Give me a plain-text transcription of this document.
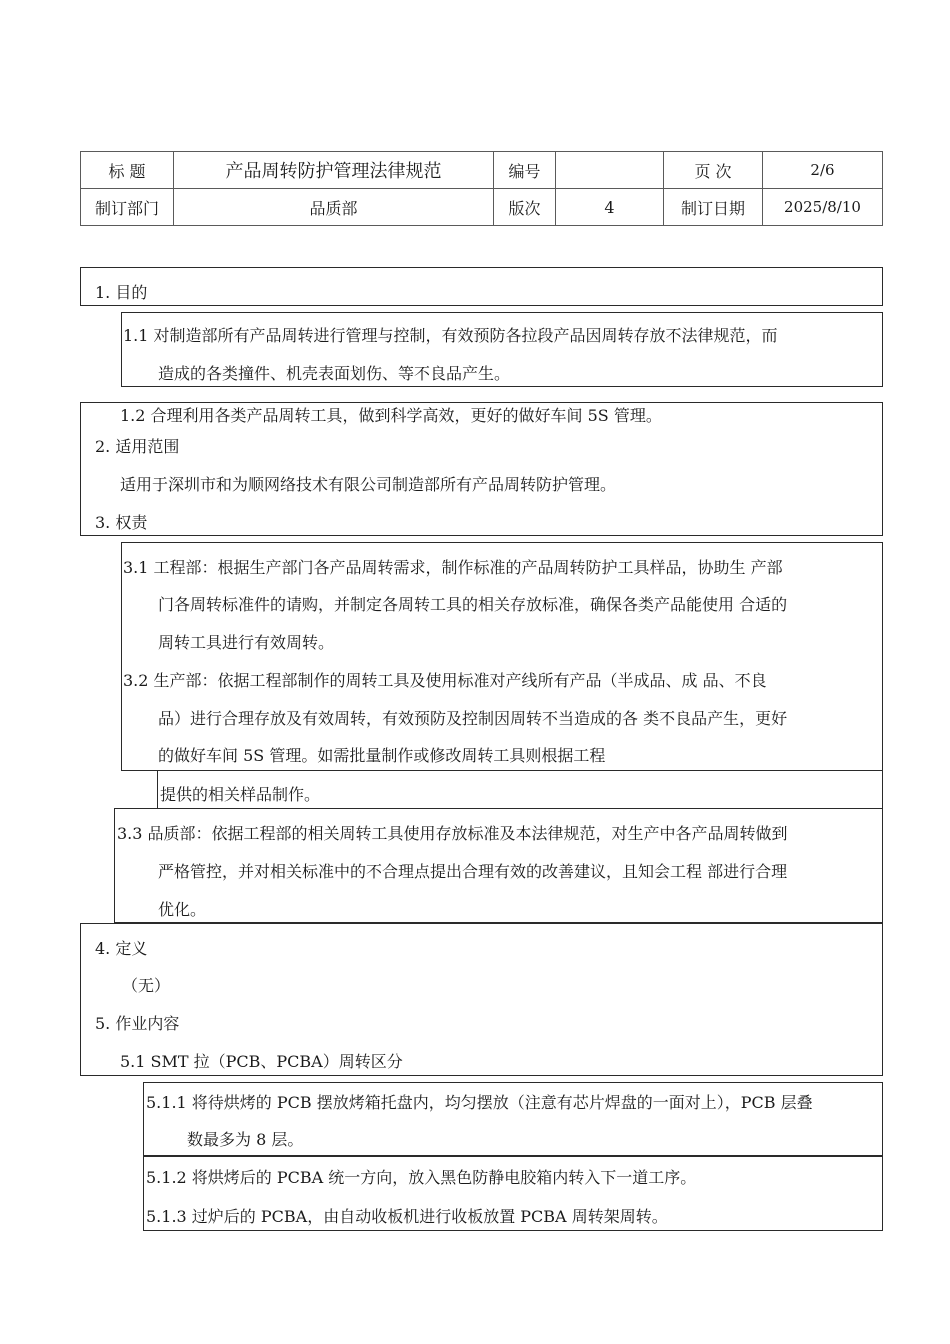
标 题	产品周转防护管理法律规范	编号		页 次	2/6
制订部门	品质部	版次	4	制订日期	2025/8/10
1. 目的
1.1 对制造部所有产品周转进行管理与控制，有效预防各拉段产品因周转存放不法律规范，而
造成的各类撞件、机壳表面划伤、等不良品产生。
1.2 合理利用各类产品周转工具，做到科学高效，更好的做好车间 5S 管理。
2. 适用范围
适用于深圳市和为顺网络技术有限公司制造部所有产品周转防护管理。
3. 权责
3.1 工程部：根据生产部门各产品周转需求，制作标准的产品周转防护工具样品，协助生 产部
门各周转标准件的请购，并制定各周转工具的相关存放标准，确保各类产品能使用 合适的
周转工具进行有效周转。
3.2 生产部：依据工程部制作的周转工具及使用标准对产线所有产品（半成品、成 品、不良
品）进行合理存放及有效周转，有效预防及控制因周转不当造成的各 类不良品产生，更好
的做好车间 5S 管理。如需批量制作或修改周转工具则根据工程
提供的相关样品制作。
3.3 品质部：依据工程部的相关周转工具使用存放标准及本法律规范，对生产中各产品周转做到
严格管控，并对相关标准中的不合理点提出合理有效的改善建议，且知会工程 部进行合理
优化。
4. 定义
（无）
5. 作业内容
5.1 SMT 拉（PCB、PCBA）周转区分
5.1.1 将待烘烤的 PCB 摆放烤箱托盘内，均匀摆放（注意有芯片焊盘的一面对上），PCB 层叠
数最多为 8 层。
5.1.2 将烘烤后的 PCBA 统一方向，放入黑色防静电胶箱内转入下一道工序。
5.1.3 过炉后的 PCBA，由自动收板机进行收板放置 PCBA 周转架周转。
